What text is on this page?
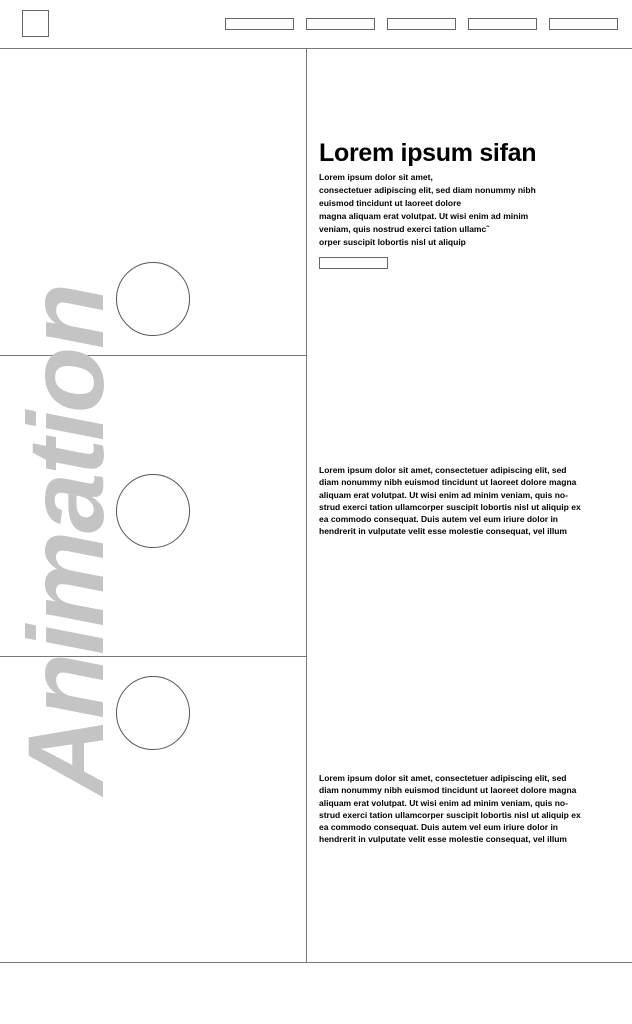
Animation
Lorem ipsum sifan
Lorem ipsum dolor sit amet,
consectetuer adipiscing elit, sed diam nonummy nibh
euismod tincidunt ut laoreet dolore
magna aliquam erat volutpat. Ut wisi enim ad minim
veniam, quis nostrud exerci tation ullamcˆ
orper suscipit lobortis nisl ut aliquip
Lorem ipsum dolor sit amet, consectetuer adipiscing elit, sed
diam nonummy nibh euismod tincidunt ut laoreet dolore magna
aliquam erat volutpat. Ut wisi enim ad minim veniam, quis no-
strud exerci tation ullamcorper suscipit lobortis nisl ut aliquip ex
ea commodo consequat. Duis autem vel eum iriure dolor in
hendrerit in vulputate velit esse molestie consequat, vel illum
Lorem ipsum dolor sit amet, consectetuer adipiscing elit, sed
diam nonummy nibh euismod tincidunt ut laoreet dolore magna
aliquam erat volutpat. Ut wisi enim ad minim veniam, quis no-
strud exerci tation ullamcorper suscipit lobortis nisl ut aliquip ex
ea commodo consequat. Duis autem vel eum iriure dolor in
hendrerit in vulputate velit esse molestie consequat, vel illum
